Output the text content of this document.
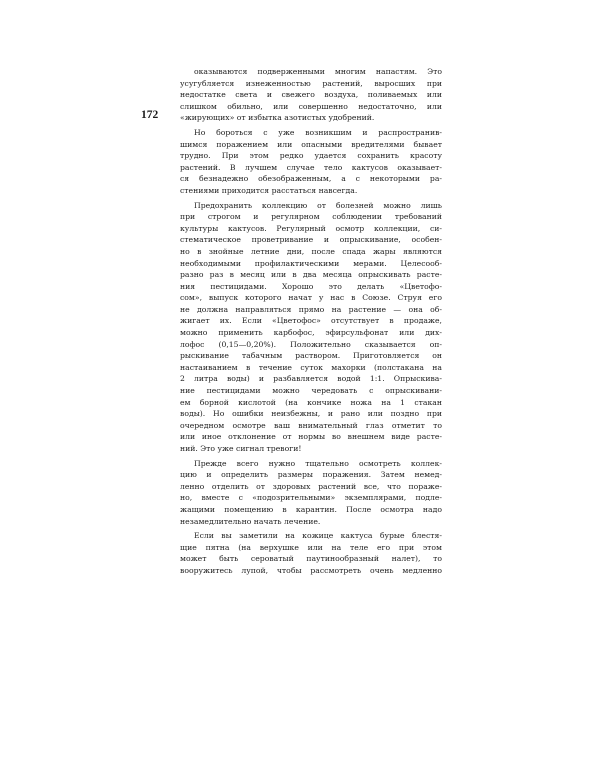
172
оказываются подверженными многим напастям. Это
усугубляется изнеженностью растений, выросших при
недостатке света и свежего воздуха, поливаемых или
слишком обильно, или совершенно недостаточно, или
«жирующих» от избытка азотистых удобрений.
Но бороться с уже возникшим и распространив-
шимся поражением или опасными вредителями бывает
трудно. При этом редко удается сохранить красоту
растений. В лучшем случае тело кактусов оказывает-
ся безнадежно обезображенным, а с некоторыми ра-
стениями приходится расстаться навсегда.
Предохранить коллекцию от болезней можно лишь
при строгом и регулярном соблюдении требований
культуры кактусов. Регулярный осмотр коллекции, си-
стематическое проветривание и опрыскивание, особен-
но в знойные летние дни, после спада жары являются
необходимыми профилактическими мерами. Целесооб-
разно раз в месяц или в два месяца опрыскивать расте-
ния пестицидами. Хорошо это делать «Цветофо-
сом», выпуск которого начат у нас в Союзе. Струя его
не должна направляться прямо на растение — она об-
жигает их. Если «Цветофос» отсутствует в продаже,
можно применить карбофос, эфирсульфонат или дих-
лофос (0,15—0,20%). Положительно сказывается оп-
рыскивание табачным раствором. Приготовляется он
настаиванием в течение суток махорки (полстакана на
2 литра воды) и разбавляется водой 1:1. Опрыскива-
ние пестицидами можно чередовать с опрыскивани-
ем борной кислотой (на кончике ножа на 1 стакан
воды). Но ошибки неизбежны, и рано или поздно при
очередном осмотре ваш внимательный глаз отметит то
или иное отклонение от нормы во внешнем виде расте-
ний. Это уже сигнал тревоги!
Прежде всего нужно тщательно осмотреть коллек-
цию и определить размеры поражения. Затем немед-
ленно отделить от здоровых растений все, что пораже-
но, вместе с «подозрительными» экземплярами, подле-
жащими помещению в карантин. После осмотра надо
незамедлительно начать лечение.
Если вы заметили на кожице кактуса бурые блестя-
щие пятна (на верхушке или на теле его при этом
может быть сероватый паутинообразный налет), то
вооружитесь лупой, чтобы рассмотреть очень медленно
